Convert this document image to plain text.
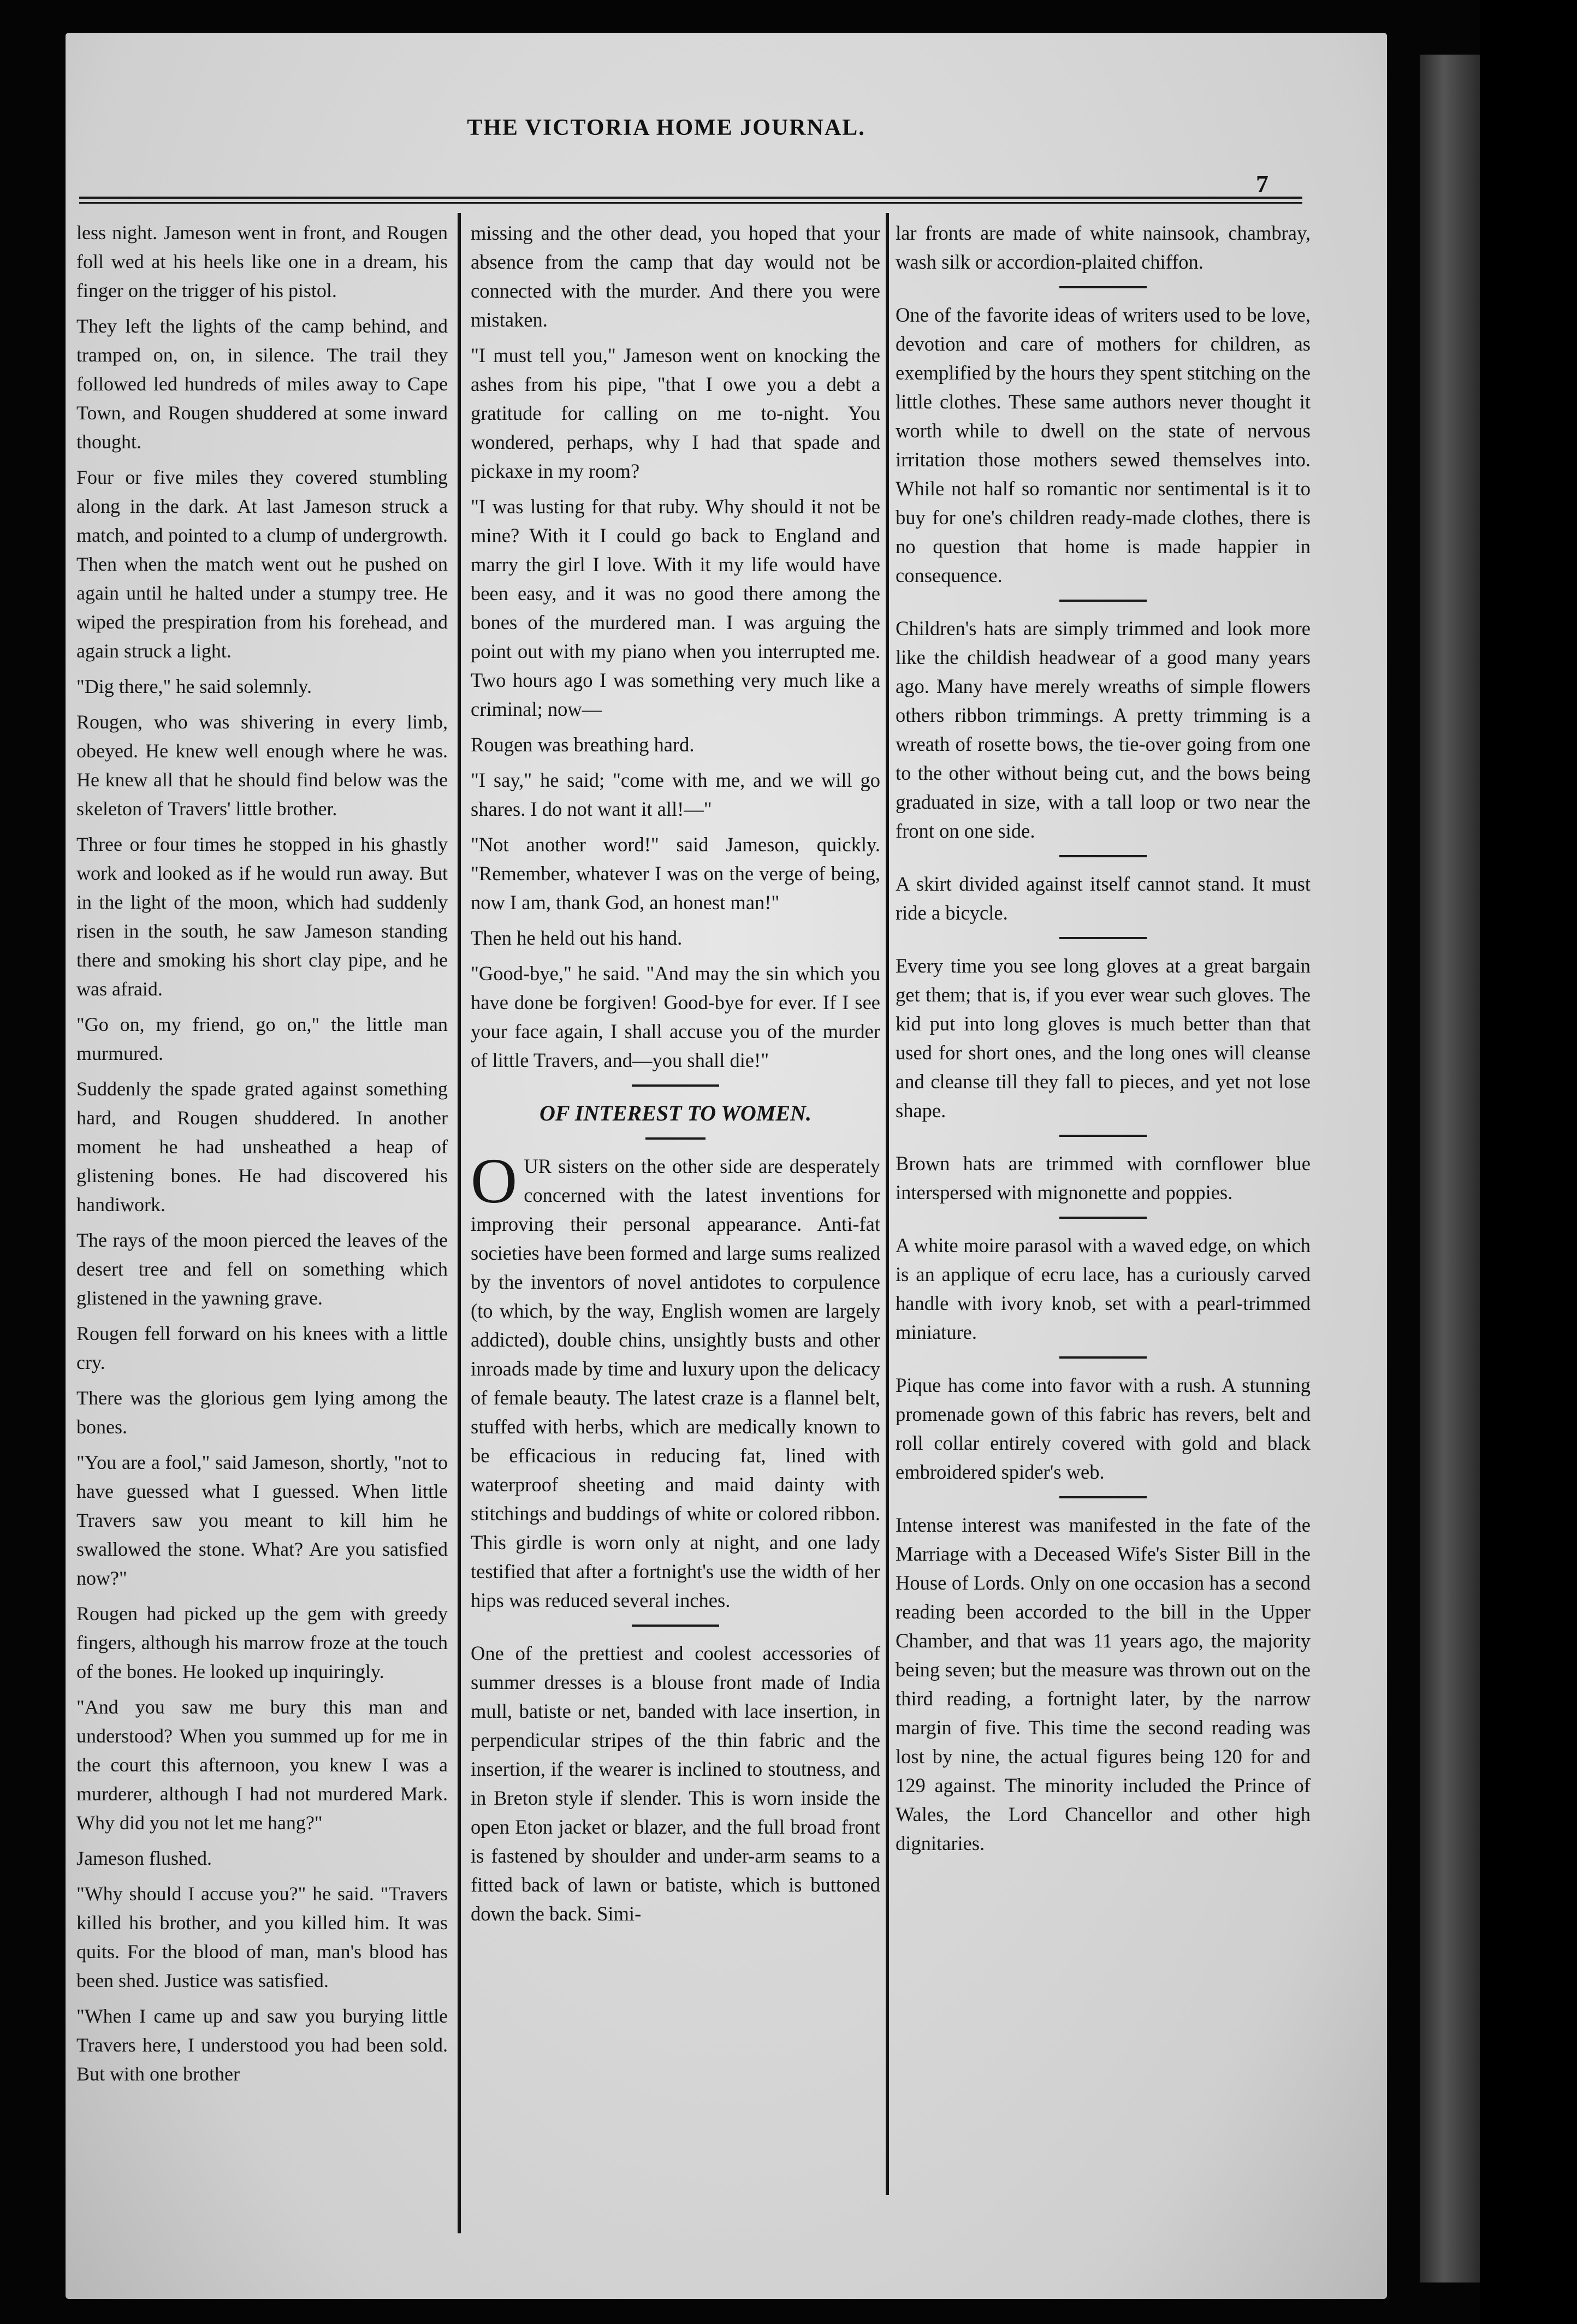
THE VICTORIA HOME JOURNAL.
7

less night. Jameson went in front, and Rougen foll wed at his heels like one in a dream, his finger on the trigger of his pistol.

They left the lights of the camp behind, and tramped on, on, in silence. The trail they followed led hundreds of miles away to Cape Town, and Rougen shuddered at some inward thought.

Four or five miles they covered stumbling along in the dark. At last Jameson struck a match, and pointed to a clump of undergrowth. Then when the match went out he pushed on again until he halted under a stumpy tree. He wiped the prespiration from his forehead, and again struck a light.

"Dig there," he said solemnly.

Rougen, who was shivering in every limb, obeyed. He knew well enough where he was. He knew all that he should find below was the skeleton of Travers' little brother.

Three or four times he stopped in his ghastly work and looked as if he would run away. But in the light of the moon, which had suddenly risen in the south, he saw Jameson standing there and smoking his short clay pipe, and he was afraid.

"Go on, my friend, go on," the little man murmured.

Suddenly the spade grated against something hard, and Rougen shuddered. In another moment he had unsheathed a heap of glistening bones. He had discovered his handiwork.

The rays of the moon pierced the leaves of the desert tree and fell on something which glistened in the yawning grave.

Rougen fell forward on his knees with a little cry.

There was the glorious gem lying among the bones.

"You are a fool," said Jameson, shortly, "not to have guessed what I guessed. When little Travers saw you meant to kill him he swallowed the stone. What? Are you satisfied now?"

Rougen had picked up the gem with greedy fingers, although his marrow froze at the touch of the bones. He looked up inquiringly.

"And you saw me bury this man and understood? When you summed up for me in the court this afternoon, you knew I was a murderer, although I had not murdered Mark. Why did you not let me hang?"

Jameson flushed.

"Why should I accuse you?" he said. "Travers killed his brother, and you killed him. It was quits. For the blood of man, man's blood has been shed. Justice was satisfied.

"When I came up and saw you burying little Travers here, I understood you had been sold. But with one brother

missing and the other dead, you hoped that your absence from the camp that day would not be connected with the murder. And there you were mistaken.

"I must tell you," Jameson went on knocking the ashes from his pipe, "that I owe you a debt a gratitude for calling on me to-night. You wondered, perhaps, why I had that spade and pickaxe in my room?

"I was lusting for that ruby. Why should it not be mine? With it I could go back to England and marry the girl I love. With it my life would have been easy, and it was no good there among the bones of the murdered man. I was arguing the point out with my piano when you interrupted me. Two hours ago I was something very much like a criminal; now—

Rougen was breathing hard.

"I say," he said; "come with me, and we will go shares. I do not want it all!—"

"Not another word!" said Jameson, quickly. "Remember, whatever I was on the verge of being, now I am, thank God, an honest man!"

Then he held out his hand.

"Good-bye," he said. "And may the sin which you have done be forgiven! Good-bye for ever. If I see your face again, I shall accuse you of the murder of little Travers, and—you shall die!"

OF INTEREST TO WOMEN.

OUR sisters on the other side are desperately concerned with the latest inventions for improving their personal appearance. Anti-fat societies have been formed and large sums realized by the inventors of novel antidotes to corpulence (to which, by the way, English women are largely addicted), double chins, unsightly busts and other inroads made by time and luxury upon the delicacy of female beauty. The latest craze is a flannel belt, stuffed with herbs, which are medically known to be efficacious in reducing fat, lined with waterproof sheeting and maid dainty with stitchings and buddings of white or colored ribbon. This girdle is worn only at night, and one lady testified that after a fortnight's use the width of her hips was reduced several inches.

One of the prettiest and coolest accessories of summer dresses is a blouse front made of India mull, batiste or net, banded with lace insertion, in perpendicular stripes of the thin fabric and the insertion, if the wearer is inclined to stoutness, and in Breton style if slender. This is worn inside the open Eton jacket or blazer, and the full broad front is fastened by shoulder and under-arm seams to a fitted back of lawn or batiste, which is buttoned down the back. Simi-

lar fronts are made of white nainsook, chambray, wash silk or accordion-plaited chiffon.

One of the favorite ideas of writers used to be love, devotion and care of mothers for children, as exemplified by the hours they spent stitching on the little clothes. These same authors never thought it worth while to dwell on the state of nervous irritation those mothers sewed themselves into. While not half so romantic nor sentimental is it to buy for one's children ready-made clothes, there is no question that home is made happier in consequence.

Children's hats are simply trimmed and look more like the childish headwear of a good many years ago. Many have merely wreaths of simple flowers others ribbon trimmings. A pretty trimming is a wreath of rosette bows, the tie-over going from one to the other without being cut, and the bows being graduated in size, with a tall loop or two near the front on one side.

A skirt divided against itself cannot stand. It must ride a bicycle.

Every time you see long gloves at a great bargain get them; that is, if you ever wear such gloves. The kid put into long gloves is much better than that used for short ones, and the long ones will cleanse and cleanse till they fall to pieces, and yet not lose shape.

Brown hats are trimmed with cornflower blue interspersed with mignonette and poppies.

A white moire parasol with a waved edge, on which is an applique of ecru lace, has a curiously carved handle with ivory knob, set with a pearl-trimmed miniature.

Pique has come into favor with a rush. A stunning promenade gown of this fabric has revers, belt and roll collar entirely covered with gold and black embroidered spider's web.

Intense interest was manifested in the fate of the Marriage with a Deceased Wife's Sister Bill in the House of Lords. Only on one occasion has a second reading been accorded to the bill in the Upper Chamber, and that was 11 years ago, the majority being seven; but the measure was thrown out on the third reading, a fortnight later, by the narrow margin of five. This time the second reading was lost by nine, the actual figures being 120 for and 129 against. The minority included the Prince of Wales, the Lord Chancellor and other high dignitaries.
